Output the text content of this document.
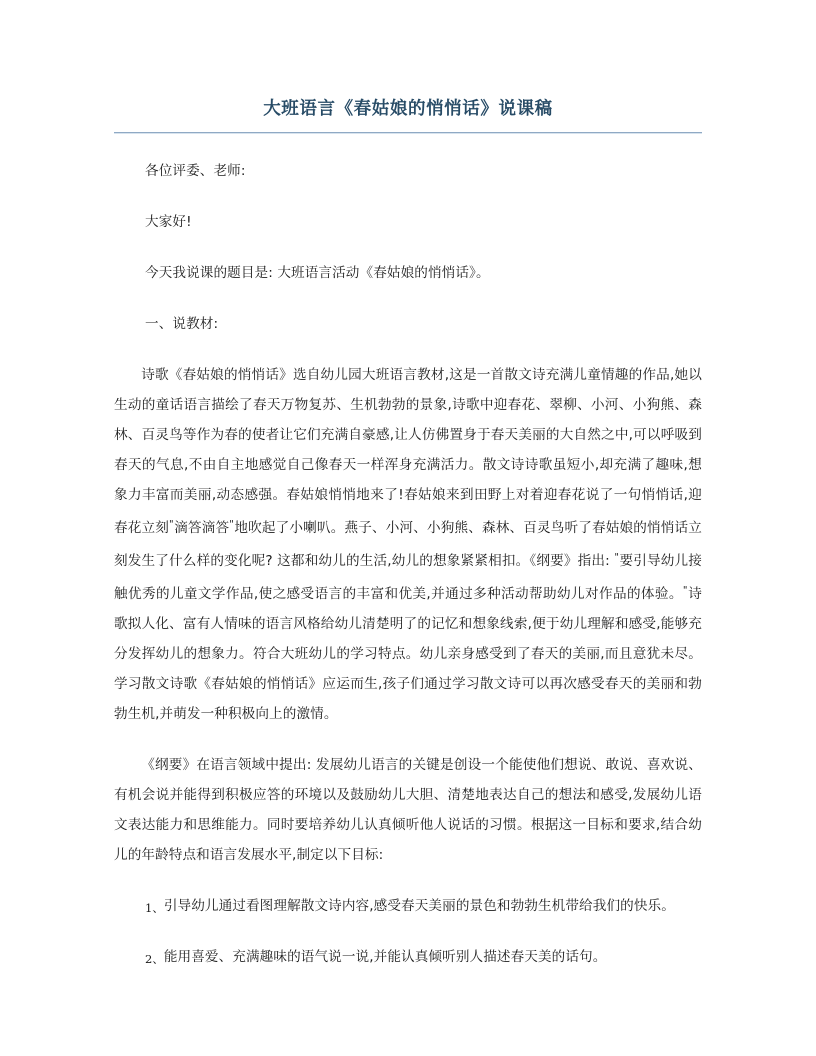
大班语言《春姑娘的悄悄话》说课稿

各位评委、老师:

大家好!

今天我说课的题目是: 大班语言活动《春姑娘的悄悄话》。

一、说教材:

诗歌《春姑娘的悄悄话》选自幼儿园大班语言教材,这是一首散文诗充满儿童情趣的作品,她以生动的童话语言描绘了春天万物复苏、生机勃勃的景象,诗歌中迎春花、翠柳、小河、小狗熊、森林、百灵鸟等作为春的使者让它们充满自豪感,让人仿佛置身于春天美丽的大自然之中,可以呼吸到春天的气息,不由自主地感觉自己像春天一样浑身充满活力。散文诗诗歌虽短小,却充满了趣味,想象力丰富而美丽,动态感强。春姑娘悄悄地来了!春姑娘来到田野上对着迎春花说了一句悄悄话,迎春花立刻"滴答滴答"地吹起了小喇叭。燕子、小河、小狗熊、森林、百灵鸟听了春姑娘的悄悄话立刻发生了什么样的变化呢? 这都和幼儿的生活,幼儿的想象紧紧相扣。《纲要》指出: "要引导幼儿接触优秀的儿童文学作品,使之感受语言的丰富和优美,并通过多种活动帮助幼儿对作品的体验。"诗歌拟人化、富有人情味的语言风格给幼儿清楚明了的记忆和想象线索,便于幼儿理解和感受,能够充分发挥幼儿的想象力。符合大班幼儿的学习特点。幼儿亲身感受到了春天的美丽,而且意犹未尽。学习散文诗歌《春姑娘的悄悄话》应运而生,孩子们通过学习散文诗可以再次感受春天的美丽和勃勃生机,并萌发一种积极向上的激情。

《纲要》在语言领域中提出: 发展幼儿语言的关键是创设一个能使他们想说、敢说、喜欢说、有机会说并能得到积极应答的环境以及鼓励幼儿大胆、清楚地表达自己的想法和感受,发展幼儿语文表达能力和思维能力。同时要培养幼儿认真倾听他人说话的习惯。根据这一目标和要求,结合幼儿的年龄特点和语言发展水平,制定以下目标:

1、引导幼儿通过看图理解散文诗内容,感受春天美丽的景色和勃勃生机带给我们的快乐。

2、能用喜爱、充满趣味的语气说一说,并能认真倾听别人描述春天美的话句。
